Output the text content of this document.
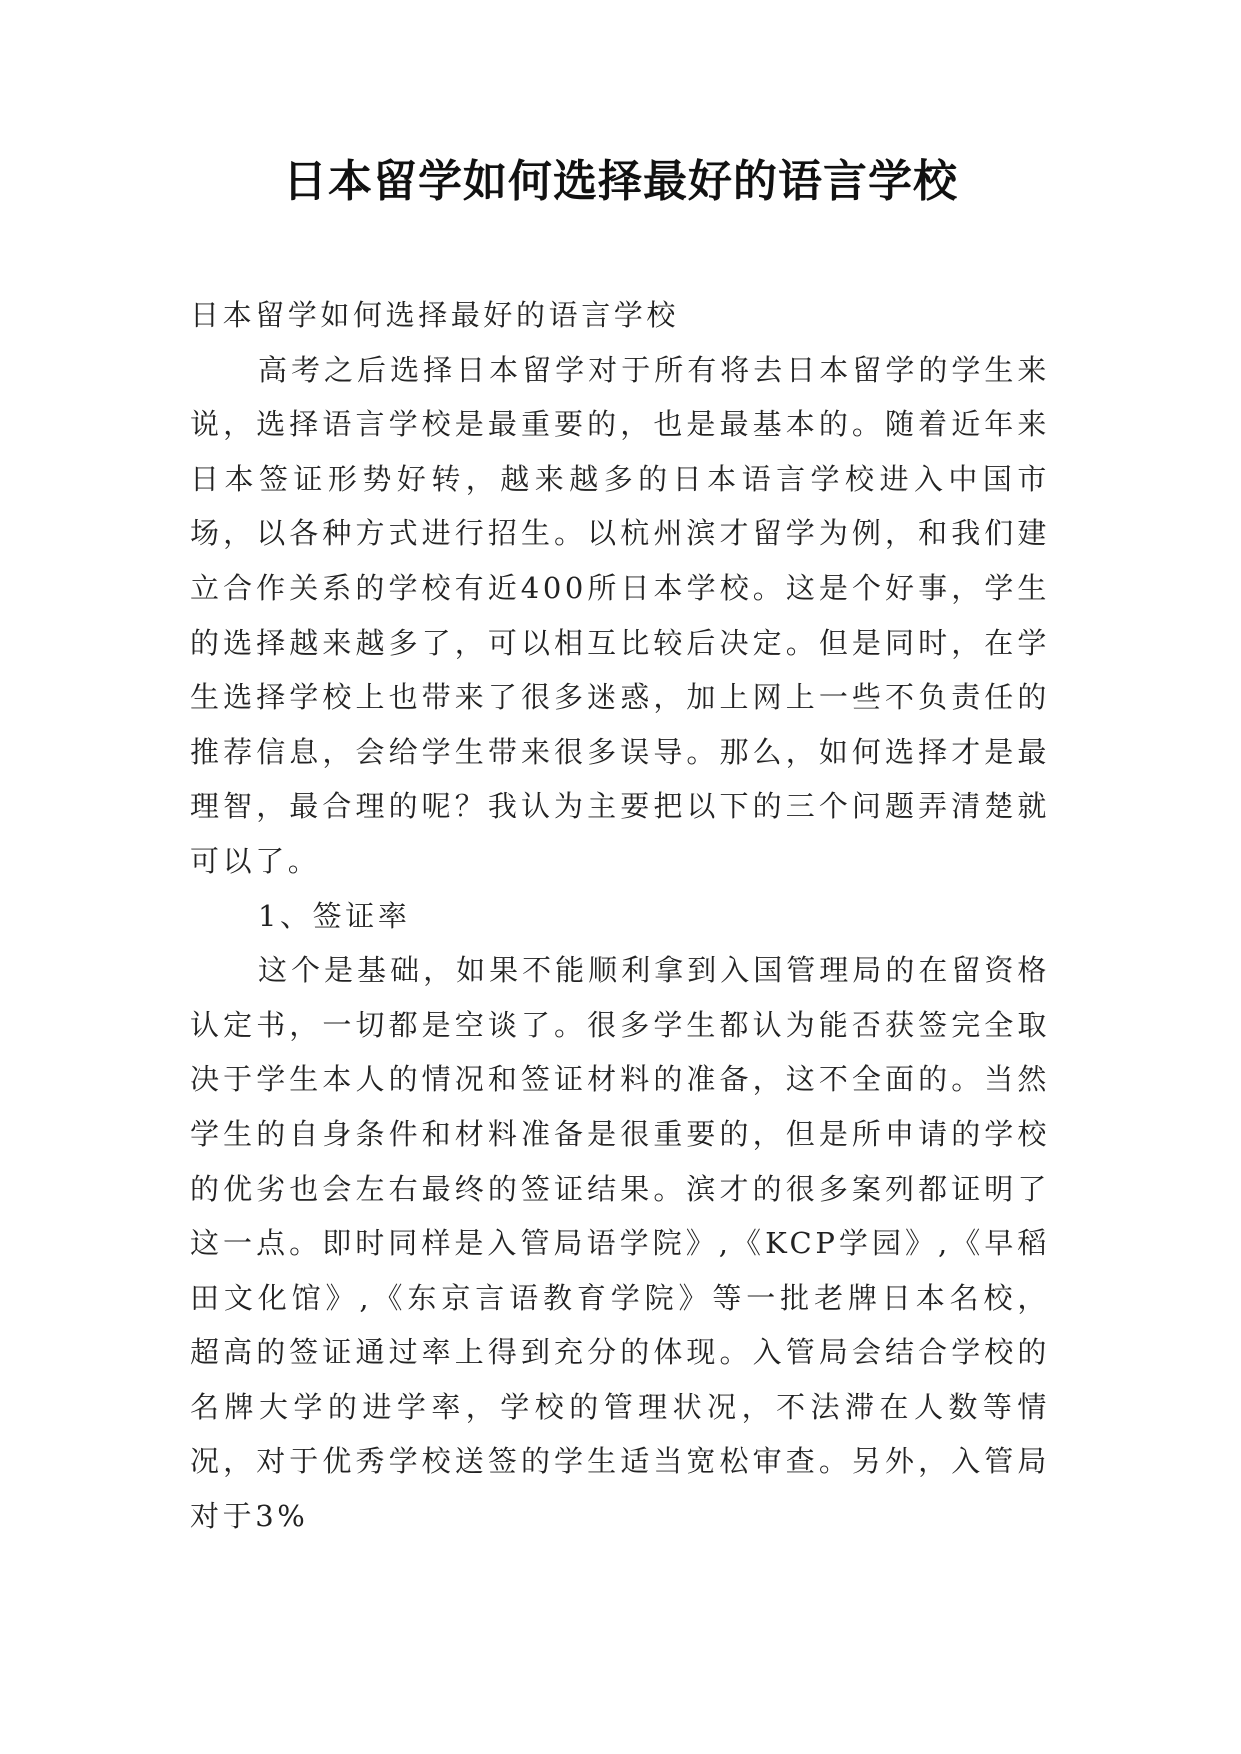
日本留学如何选择最好的语言学校

日本留学如何选择最好的语言学校

高考之后选择日本留学对于所有将去日本留学的学生来说，选择语言学校是最重要的，也是最基本的。随着近年来日本签证形势好转，越来越多的日本语言学校进入中国市场，以各种方式进行招生。以杭州滨才留学为例，和我们建立合作关系的学校有近400所日本学校。这是个好事，学生的选择越来越多了，可以相互比较后决定。但是同时，在学生选择学校上也带来了很多迷惑，加上网上一些不负责任的推荐信息，会给学生带来很多误导。那么，如何选择才是最理智，最合理的呢？我认为主要把以下的三个问题弄清楚就可以了。

1、签证率

这个是基础，如果不能顺利拿到入国管理局的在留资格认定书，一切都是空谈了。很多学生都认为能否获签完全取决于学生本人的情况和签证材料的准备，这不全面的。当然学生的自身条件和材料准备是很重要的，但是所申请的学校的优劣也会左右最终的签证结果。滨才的很多案列都证明了这一点。即时同样是入管局语学院》,《KCP学园》,《早稻田文化馆》,《东京言语教育学院》等一批老牌日本名校，超高的签证通过率上得到充分的体现。入管局会结合学校的名牌大学的进学率，学校的管理状况，不法滞在人数等情况，对于优秀学校送签的学生适当宽松审查。另外，入管局对于3%
